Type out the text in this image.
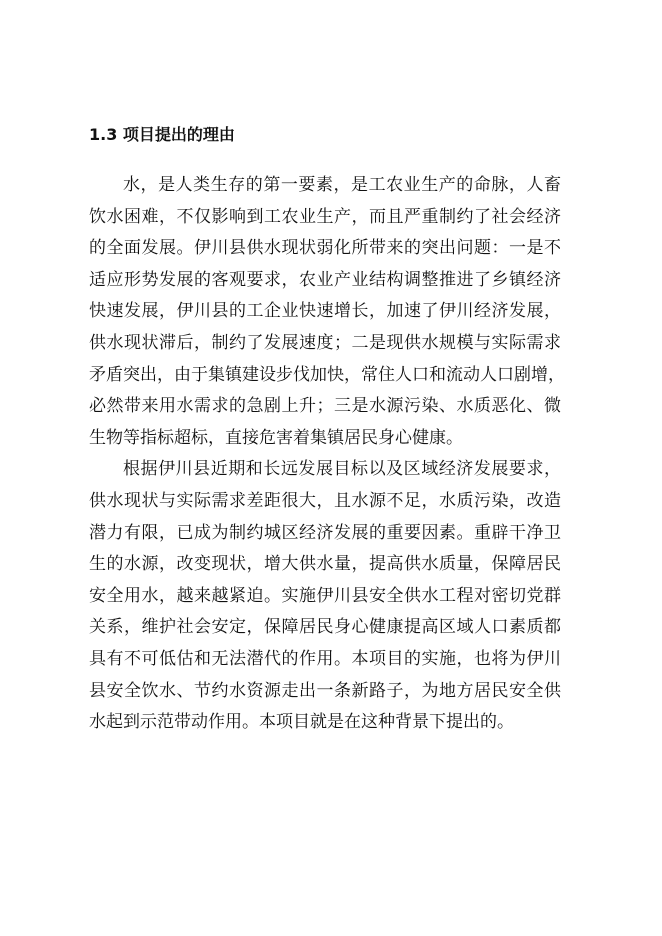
1.3 项目提出的理由
水，是人类生存的第一要素，是工农业生产的命脉，人畜
饮水困难，不仅影响到工农业生产，而且严重制约了社会经济
的全面发展。伊川县供水现状弱化所带来的突出问题：一是不
适应形势发展的客观要求，农业产业结构调整推进了乡镇经济
快速发展，伊川县的工企业快速增长，加速了伊川经济发展，
供水现状滞后，制约了发展速度；二是现供水规模与实际需求
矛盾突出，由于集镇建设步伐加快，常住人口和流动人口剧增，
必然带来用水需求的急剧上升；三是水源污染、水质恶化、微
生物等指标超标，直接危害着集镇居民身心健康。
根据伊川县近期和长远发展目标以及区域经济发展要求，
供水现状与实际需求差距很大，且水源不足，水质污染，改造
潜力有限，已成为制约城区经济发展的重要因素。重辟干净卫
生的水源，改变现状，增大供水量，提高供水质量，保障居民
安全用水，越来越紧迫。实施伊川县安全供水工程对密切党群
关系，维护社会安定，保障居民身心健康提高区域人口素质都
具有不可低估和无法潜代的作用。本项目的实施，也将为伊川
县安全饮水、节约水资源走出一条新路子，为地方居民安全供
水起到示范带动作用。本项目就是在这种背景下提出的。
